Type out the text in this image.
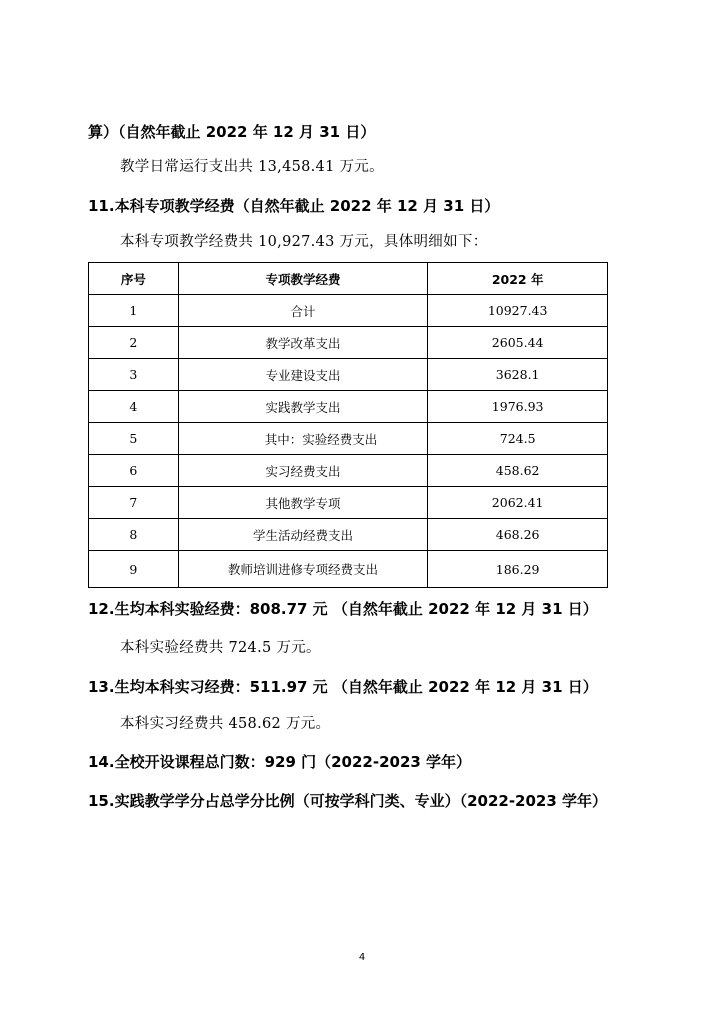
算）（自然年截止 2022 年 12 月 31 日）
教学日常运行支出共 13,458.41 万元。
11.本科专项教学经费（自然年截止 2022 年 12 月 31 日）
本科专项教学经费共 10,927.43 万元，具体明细如下：
序号	专项教学经费	2022 年
1	合计	10927.43
2	教学改革支出	2605.44
3	专业建设支出	3628.1
4	实践教学支出	1976.93
5	其中：实验经费支出	724.5
6	实习经费支出	458.62
7	其他教学专项	2062.41
8	学生活动经费支出	468.26
9	教师培训进修专项经费支出	186.29
12.生均本科实验经费：808.77 元 （自然年截止 2022 年 12 月 31 日）
本科实验经费共 724.5 万元。
13.生均本科实习经费：511.97 元 （自然年截止 2022 年 12 月 31 日）
本科实习经费共 458.62 万元。
14.全校开设课程总门数：929 门（2022-2023 学年）
15.实践教学学分占总学分比例（可按学科门类、专业）（2022-2023 学年）
4
